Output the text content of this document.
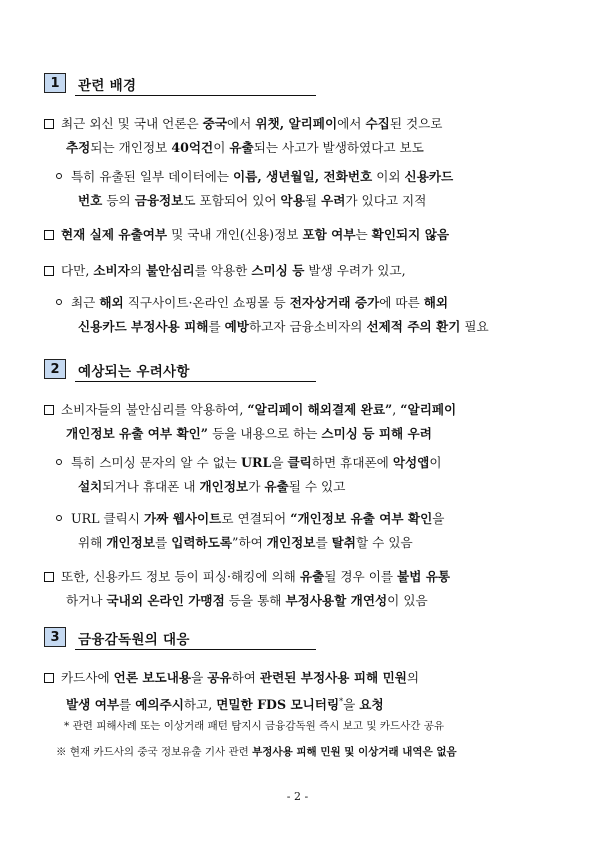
1	관련 배경
최근 외신 및 국내 언론은 중국에서 위챗, 알리페이에서 수집된 것으로
추정되는 개인정보 40억건이 유출되는 사고가 발생하였다고 보도
특히 유출된 일부 데이터에는 이름, 생년월일, 전화번호 이외 신용카드
번호 등의 금융정보도 포함되어 있어 악용될 우려가 있다고 지적
현재 실제 유출여부 및 국내 개인(신용)정보 포함 여부는 확인되지 않음
다만, 소비자의 불안심리를 악용한 스미싱 등 발생 우려가 있고,
최근 해외 직구사이트·온라인 쇼핑몰 등 전자상거래 증가에 따른 해외
신용카드 부정사용 피해를 예방하고자 금융소비자의 선제적 주의 환기 필요
2	예상되는 우려사항
소비자들의 불안심리를 악용하여, “알리페이 해외결제 완료”, “알리페이
개인정보 유출 여부 확인” 등을 내용으로 하는 스미싱 등 피해 우려
특히 스미싱 문자의 알 수 없는 URL을 클릭하면 휴대폰에 악성앱이
설치되거나 휴대폰 내 개인정보가 유출될 수 있고
URL 클릭시 가짜 웹사이트로 연결되어 “개인정보 유출 여부 확인을
위해 개인정보를 입력하도록”하여 개인정보를 탈취할 수 있음
또한, 신용카드 정보 등이 피싱·해킹에 의해 유출될 경우 이를 불법 유통
하거나 국내외 온라인 가맹점 등을 통해 부정사용할 개연성이 있음
3	금융감독원의 대응
카드사에 언론 보도내용을 공유하여 관련된 부정사용 피해 민원의
발생 여부를 예의주시하고, 면밀한 FDS 모니터링*을 요청
* 관련 피해사례 또는 이상거래 패턴 탐지시 금융감독원 즉시 보고 및 카드사간 공유
※ 현재 카드사의 중국 정보유출 기사 관련 부정사용 피해 민원 및 이상거래 내역은 없음
- 2 -
